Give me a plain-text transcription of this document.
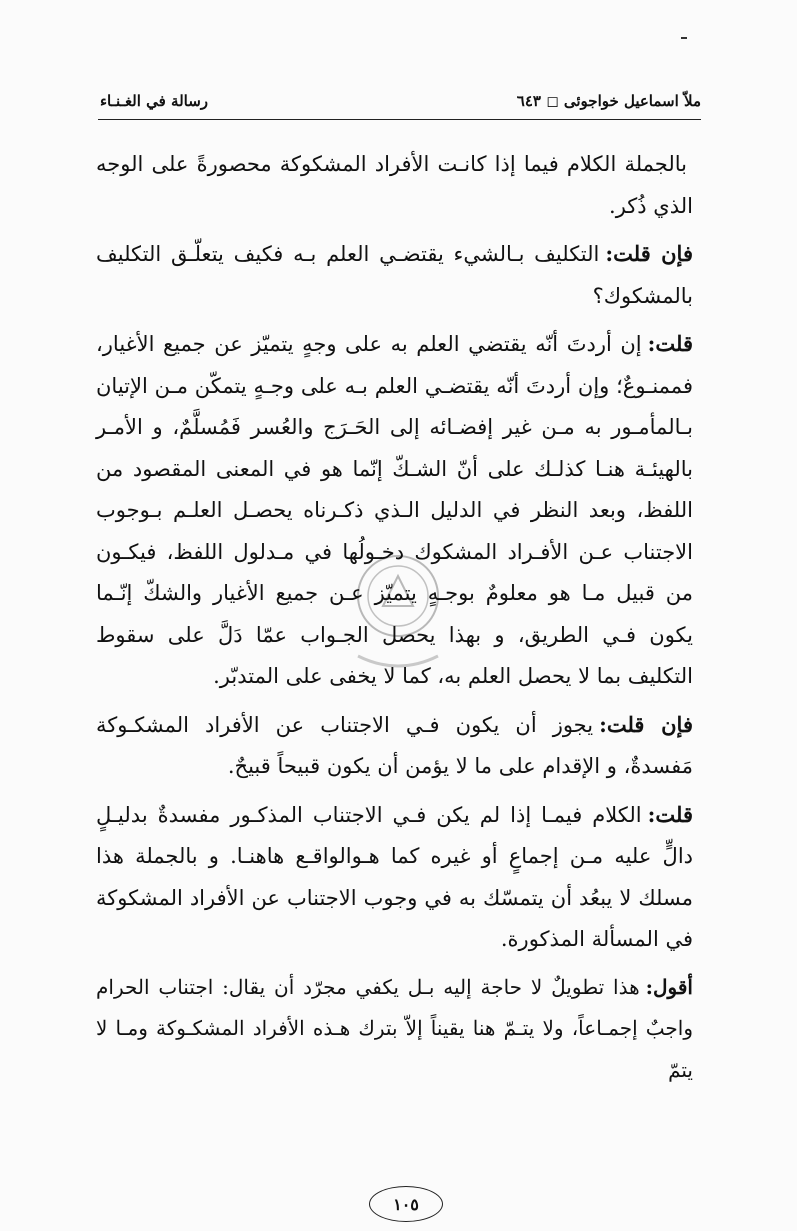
ملاّ اسماعيل خواجوئى ◻ ٦٤٣
رسالة في الغـنـاء

بالجملة الكلام فيما إذا كانـت الأفراد المشكوكة محصورةً على الوجه الذي ذُكر.

فإن قلت:التكليف بـالشيء يقتضـي العلم بـه فكيف يتعلّـق التكليف بالمشكوك؟

قلت:إن أردتَ أنّه يقتضي العلم به على وجهٍ يتميّز عن جميع الأغيار، فممنـوعٌ؛ وإن أردتَ أنّه يقتضـي العلم بـه على وجـهٍ يتمكّن مـن الإتيان بـالمأمـور به مـن غير إفضـائه إلى الحَـرَج والعُسر فَمُسلَّمٌ، و الأمـر بالهيئـة هنـا كذلـك على أنّ الشـكّ إنّما هو في المعنى المقصود من اللفظ، وبعد النظر في الدليل الـذي ذكـرناه يحصـل العلـم بـوجوب الاجتناب عـن الأفـراد المشكوك دخـولُها في مـدلول اللفظ، فيكـون من قبيل مـا هو معلومٌ بوجـهٍ يتميّز عـن جميع الأغيار والشكّ إنّـما يكون فـي الطريق، و بهذا يحصل الجـواب عمّا دَلَّ على سقوط التكليف بما لا يحصل العلم به، كما لا يخفى على المتدبّر.

فإن قلت:يجوز أن يكون فـي الاجتناب عن الأفراد المشكـوكة مَفسدةٌ، و الإقدام على ما لا يؤمن أن يكون قبيحاً قبيحٌ.

قلت:الكلام فيمـا إذا لم يكن فـي الاجتناب المذكـور مفسدةٌ بدليـلٍ دالٍّ عليه مـن إجماعٍ أو غيره كما هـوالواقـع هاهنـا. و بالجملة هذا مسلك لا يبعُد أن يتمسّك به في وجوب الاجتناب عن الأفراد المشكوكة في المسألة المذكورة.

أقول:هذا تطويلٌ لا حاجة إليه بـل يكفي مجرّد أن يقال: اجتناب الحرام واجبٌ إجمـاعاً، ولا يتـمّ هنا يقيناً إلاّ بترك هـذه الأفراد المشكـوكة ومـا لا يتمّ

١٠٥
